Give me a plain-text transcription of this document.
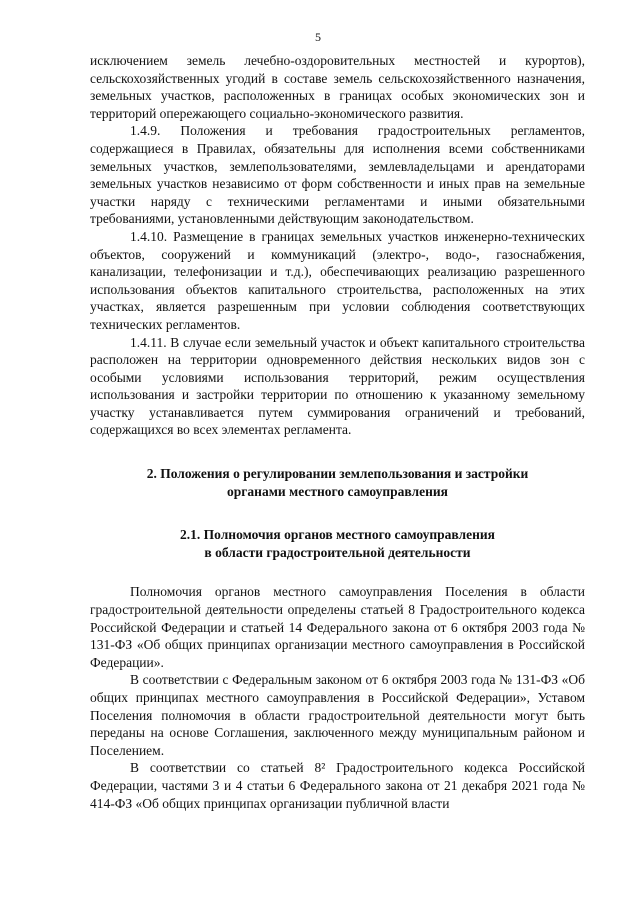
5

исключением земель лечебно-оздоровительных местностей и курортов), сельскохозяйственных угодий в составе земель сельскохозяйственного назначения, земельных участков, расположенных в границах особых экономических зон и территорий опережающего социально-экономического развития.

1.4.9. Положения и требования градостроительных регламентов, содержащиеся в Правилах, обязательны для исполнения всеми собственниками земельных участков, землепользователями, землевладельцами и арендаторами земельных участков независимо от форм собственности и иных прав на земельные участки наряду с техническими регламентами и иными обязательными требованиями, установленными действующим законодательством.

1.4.10. Размещение в границах земельных участков инженерно-технических объектов, сооружений и коммуникаций (электро-, водо-, газоснабжения, канализации, телефонизации и т.д.), обеспечивающих реализацию разрешенного использования объектов капитального строительства, расположенных на этих участках, является разрешенным при условии соблюдения соответствующих технических регламентов.

1.4.11. В случае если земельный участок и объект капитального строительства расположен на территории одновременного действия нескольких видов зон с особыми условиями использования территорий, режим осуществления использования и застройки территории по отношению к указанному земельному участку устанавливается путем суммирования ограничений и требований, содержащихся во всех элементах регламента.

2. Положения о регулировании землепользования и застройки
органами местного самоуправления
2.1. Полномочия органов местного самоуправления
в области градостроительной деятельности

Полномочия органов местного самоуправления Поселения в области градостроительной деятельности определены статьей 8 Градостроительного кодекса Российской Федерации и статьей 14 Федерального закона от 6 октября 2003 года № 131-ФЗ «Об общих принципах организации местного самоуправления в Российской Федерации».

В соответствии с Федеральным законом от 6 октября 2003 года № 131-ФЗ «Об общих принципах местного самоуправления в Российской Федерации», Уставом Поселения полномочия в области градостроительной деятельности могут быть переданы на основе Соглашения, заключенного между муниципальным районом и Поселением.

В соответствии со статьей 8² Градостроительного кодекса Российской Федерации, частями 3 и 4 статьи 6 Федерального закона от 21 декабря 2021 года № 414-ФЗ «Об общих принципах организации публичной власти
